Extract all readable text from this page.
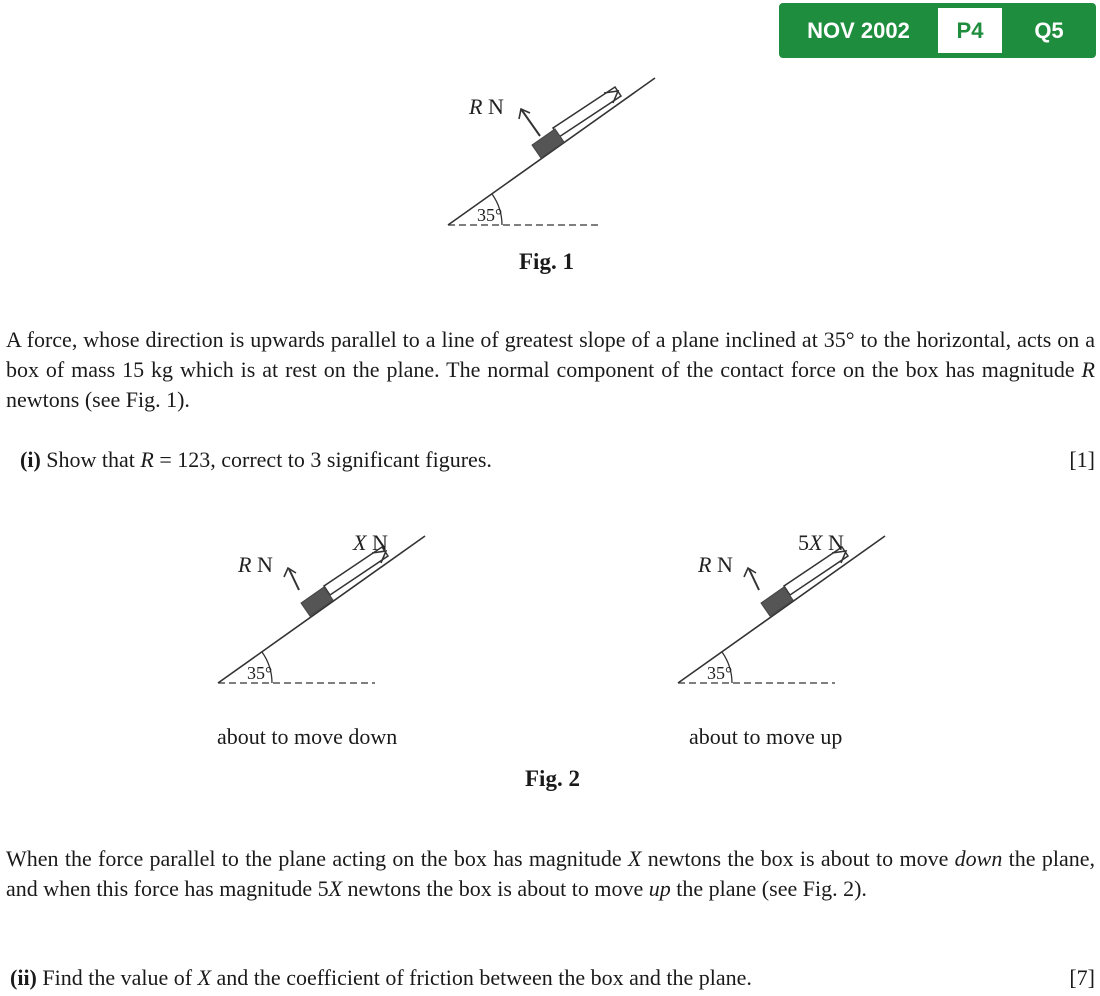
NOV 2002	P4	Q5
R N
35°
Fig. 1

A force, whose direction is upwards parallel to a line of greatest slope of a plane inclined at 35° to the horizontal, acts on a box of mass 15 kg which is at rest on the plane. The normal component of the contact force on the box has magnitude R newtons (see Fig. 1).

(i) Show that R = 123, correct to 3 significant figures.	[1]
R N
X N
35°
about to move down
R N
5X N
35°
about to move up
Fig. 2

When the force parallel to the plane acting on the box has magnitude X newtons the box is about to move down the plane, and when this force has magnitude 5X newtons the box is about to move up the plane (see Fig. 2).

(ii) Find the value of X and the coefficient of friction between the box and the plane.	[7]
